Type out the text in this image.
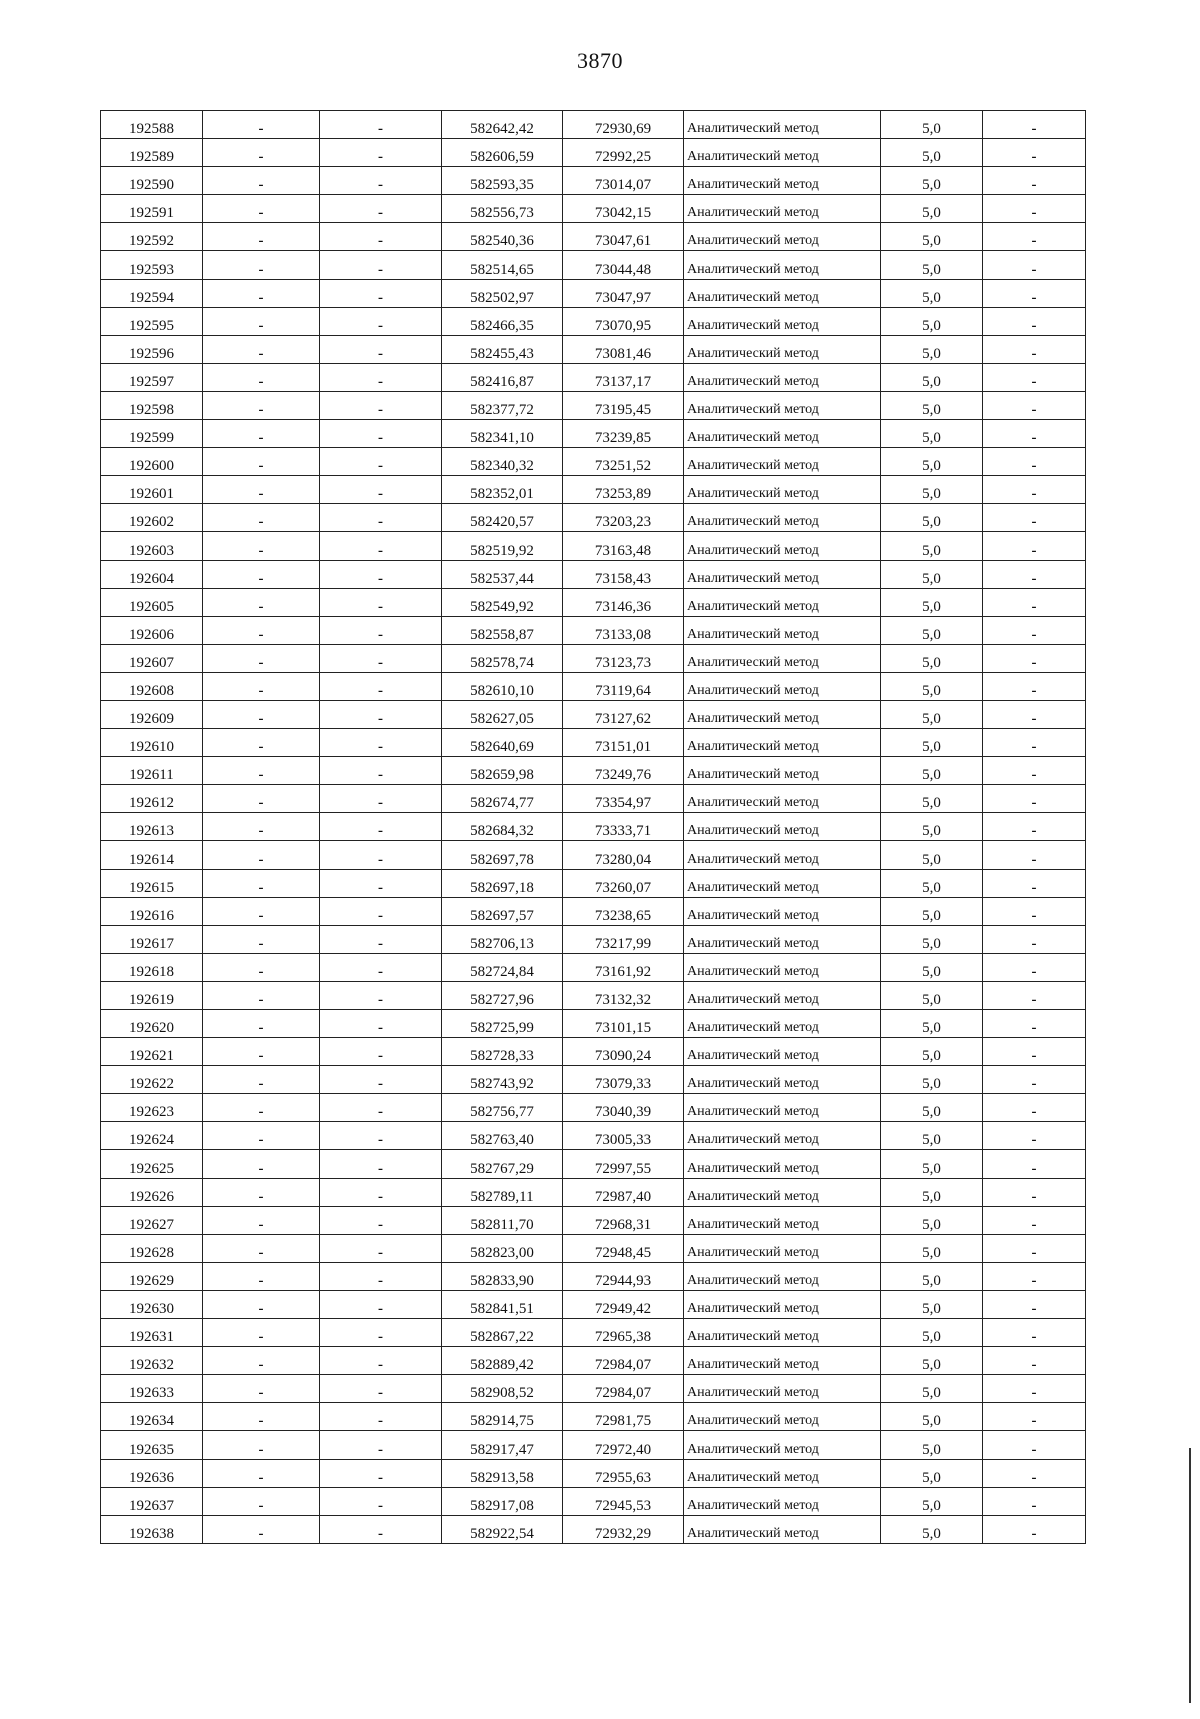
3870
192588	-	-	582642,42	72930,69	Аналитический метод	5,0	-
192589	-	-	582606,59	72992,25	Аналитический метод	5,0	-
192590	-	-	582593,35	73014,07	Аналитический метод	5,0	-
192591	-	-	582556,73	73042,15	Аналитический метод	5,0	-
192592	-	-	582540,36	73047,61	Аналитический метод	5,0	-
192593	-	-	582514,65	73044,48	Аналитический метод	5,0	-
192594	-	-	582502,97	73047,97	Аналитический метод	5,0	-
192595	-	-	582466,35	73070,95	Аналитический метод	5,0	-
192596	-	-	582455,43	73081,46	Аналитический метод	5,0	-
192597	-	-	582416,87	73137,17	Аналитический метод	5,0	-
192598	-	-	582377,72	73195,45	Аналитический метод	5,0	-
192599	-	-	582341,10	73239,85	Аналитический метод	5,0	-
192600	-	-	582340,32	73251,52	Аналитический метод	5,0	-
192601	-	-	582352,01	73253,89	Аналитический метод	5,0	-
192602	-	-	582420,57	73203,23	Аналитический метод	5,0	-
192603	-	-	582519,92	73163,48	Аналитический метод	5,0	-
192604	-	-	582537,44	73158,43	Аналитический метод	5,0	-
192605	-	-	582549,92	73146,36	Аналитический метод	5,0	-
192606	-	-	582558,87	73133,08	Аналитический метод	5,0	-
192607	-	-	582578,74	73123,73	Аналитический метод	5,0	-
192608	-	-	582610,10	73119,64	Аналитический метод	5,0	-
192609	-	-	582627,05	73127,62	Аналитический метод	5,0	-
192610	-	-	582640,69	73151,01	Аналитический метод	5,0	-
192611	-	-	582659,98	73249,76	Аналитический метод	5,0	-
192612	-	-	582674,77	73354,97	Аналитический метод	5,0	-
192613	-	-	582684,32	73333,71	Аналитический метод	5,0	-
192614	-	-	582697,78	73280,04	Аналитический метод	5,0	-
192615	-	-	582697,18	73260,07	Аналитический метод	5,0	-
192616	-	-	582697,57	73238,65	Аналитический метод	5,0	-
192617	-	-	582706,13	73217,99	Аналитический метод	5,0	-
192618	-	-	582724,84	73161,92	Аналитический метод	5,0	-
192619	-	-	582727,96	73132,32	Аналитический метод	5,0	-
192620	-	-	582725,99	73101,15	Аналитический метод	5,0	-
192621	-	-	582728,33	73090,24	Аналитический метод	5,0	-
192622	-	-	582743,92	73079,33	Аналитический метод	5,0	-
192623	-	-	582756,77	73040,39	Аналитический метод	5,0	-
192624	-	-	582763,40	73005,33	Аналитический метод	5,0	-
192625	-	-	582767,29	72997,55	Аналитический метод	5,0	-
192626	-	-	582789,11	72987,40	Аналитический метод	5,0	-
192627	-	-	582811,70	72968,31	Аналитический метод	5,0	-
192628	-	-	582823,00	72948,45	Аналитический метод	5,0	-
192629	-	-	582833,90	72944,93	Аналитический метод	5,0	-
192630	-	-	582841,51	72949,42	Аналитический метод	5,0	-
192631	-	-	582867,22	72965,38	Аналитический метод	5,0	-
192632	-	-	582889,42	72984,07	Аналитический метод	5,0	-
192633	-	-	582908,52	72984,07	Аналитический метод	5,0	-
192634	-	-	582914,75	72981,75	Аналитический метод	5,0	-
192635	-	-	582917,47	72972,40	Аналитический метод	5,0	-
192636	-	-	582913,58	72955,63	Аналитический метод	5,0	-
192637	-	-	582917,08	72945,53	Аналитический метод	5,0	-
192638	-	-	582922,54	72932,29	Аналитический метод	5,0	-
